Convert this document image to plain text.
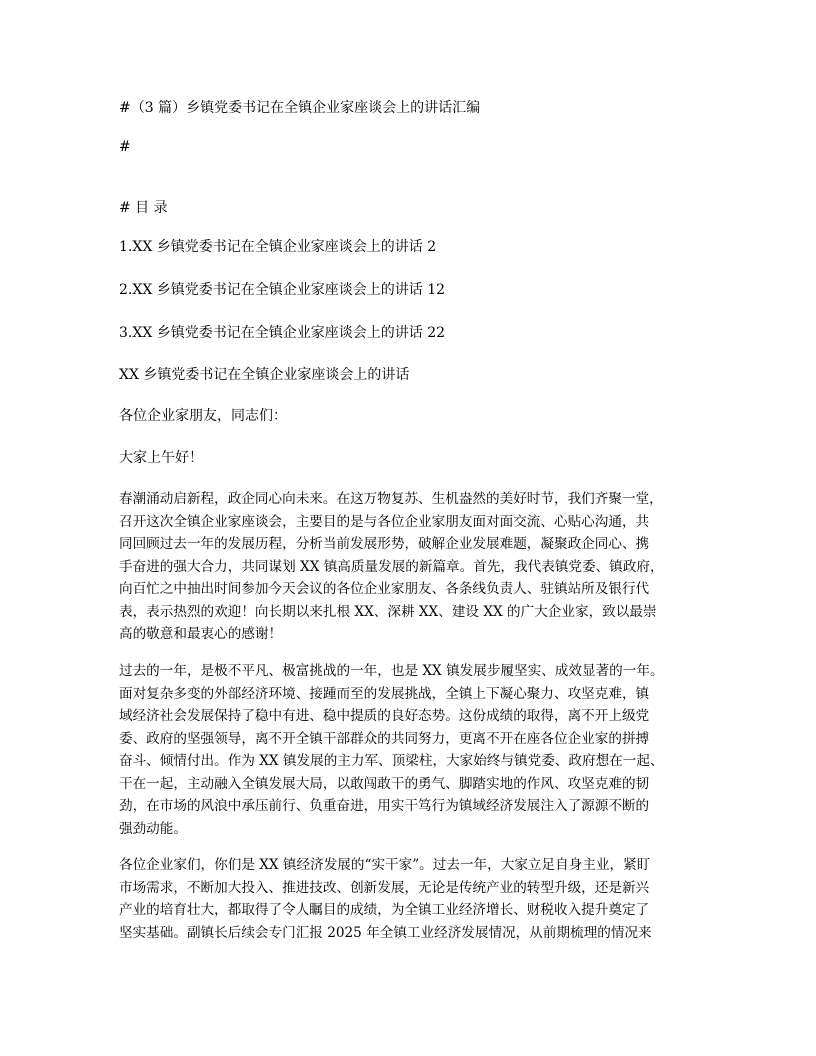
#（3 篇）乡镇党委书记在全镇企业家座谈会上的讲话汇编
#
# 目 录
1.XX 乡镇党委书记在全镇企业家座谈会上的讲话 2
2.XX 乡镇党委书记在全镇企业家座谈会上的讲话 12
3.XX 乡镇党委书记在全镇企业家座谈会上的讲话 22
XX 乡镇党委书记在全镇企业家座谈会上的讲话
各位企业家朋友，同志们：
大家上午好！
春潮涌动启新程，政企同心向未来。在这万物复苏、生机盎然的美好时节，我们齐聚一堂，
召开这次全镇企业家座谈会，主要目的是与各位企业家朋友面对面交流、心贴心沟通，共
同回顾过去一年的发展历程，分析当前发展形势，破解企业发展难题，凝聚政企同心、携
手奋进的强大合力，共同谋划 XX 镇高质量发展的新篇章。首先，我代表镇党委、镇政府，
向百忙之中抽出时间参加今天会议的各位企业家朋友、各条线负责人、驻镇站所及银行代
表，表示热烈的欢迎！向长期以来扎根 XX、深耕 XX、建设 XX 的广大企业家，致以最崇
高的敬意和最衷心的感谢！
过去的一年，是极不平凡、极富挑战的一年，也是 XX 镇发展步履坚实、成效显著的一年。
面对复杂多变的外部经济环境、接踵而至的发展挑战，全镇上下凝心聚力、攻坚克难，镇
域经济社会发展保持了稳中有进、稳中提质的良好态势。这份成绩的取得，离不开上级党
委、政府的坚强领导，离不开全镇干部群众的共同努力，更离不开在座各位企业家的拼搏
奋斗、倾情付出。作为 XX 镇发展的主力军、顶梁柱，大家始终与镇党委、政府想在一起、
干在一起，主动融入全镇发展大局，以敢闯敢干的勇气、脚踏实地的作风、攻坚克难的韧
劲，在市场的风浪中承压前行、负重奋进，用实干笃行为镇域经济发展注入了源源不断的
强劲动能。
各位企业家们，你们是 XX 镇经济发展的“实干家”。过去一年，大家立足自身主业，紧盯
市场需求，不断加大投入、推进技改、创新发展，无论是传统产业的转型升级，还是新兴
产业的培育壮大，都取得了令人瞩目的成绩，为全镇工业经济增长、财税收入提升奠定了
坚实基础。副镇长后续会专门汇报 2025 年全镇工业经济发展情况，从前期梳理的情况来
